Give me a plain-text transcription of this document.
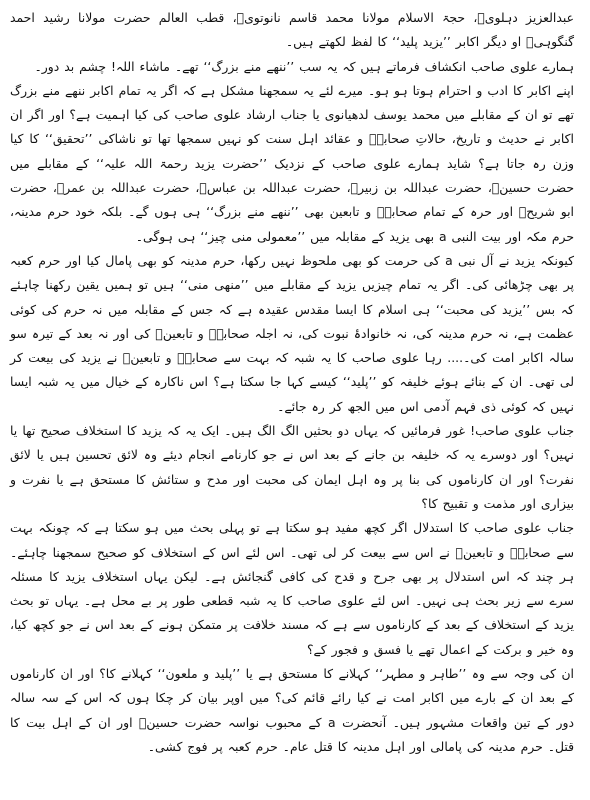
عبدالعزیز دہلویؒ، حجۃ الاسلام مولانا محمد قاسم نانوتویؒ، قطب العالم حضرت مولانا رشید احمد گنگوہیؒ او دیگر اکابر ’’یزید پلید‘‘ کا لفظ لکھتے ہیں۔

ہمارے علوی صاحب انکشاف فرماتے ہیں کہ یہ سب ’’ننھے منے بزرگ‘‘ تھے۔ ماشاء اللہ! چشم بد دور۔

اپنے اکابر کا ادب و احترام ہوتا ہو ہو۔ میرے لئے یہ سمجھنا مشکل ہے کہ اگر یہ تمام اکابر ننھے منے بزرگ تھے تو ان کے مقابلے میں محمد یوسف لدھیانوی یا جناب ارشاد علوی صاحب کی کیا اہمیت ہے؟ اور اگر ان اکابر نے حدیث و تاریخ، حالاتِ صحابہؓ و عقائد اہل سنت کو نہیں سمجھا تھا تو ناشاکی ’’تحقیق‘‘ کا کیا وزن رہ جاتا ہے؟ شاید ہمارے علوی صاحب کے نزدیک ’’حضرت یزید رحمۃ اللہ علیہ‘‘ کے مقابلے میں حضرت حسینؓ، حضرت عبداللہ بن زبیرؓ، حضرت عبداللہ بن عباسؓ، حضرت عبداللہ بن عمرؓ، حضرت ابو شریحؓ اور حرہ کے تمام صحابہؓ و تابعین بھی ’’ننھے منے بزرگ‘‘ ہی ہوں گے۔ بلکہ خود حرم مدینہ، حرم مکہ اور بیت النبی a بھی یزید کے مقابلہ میں ’’معمولی منی چیز‘‘ ہی ہوگی۔

کیونکہ یزید نے آل نبی a کی حرمت کو بھی ملحوظ نہیں رکھا، حرم مدینہ کو بھی پامال کیا اور حرم کعبہ پر بھی چڑھائی کی۔ اگر یہ تمام چیزیں یزید کے مقابلے میں ’’منھی منی‘‘ ہیں تو ہمیں یقین رکھنا چاہئے کہ بس ’’یزید کی محبت‘‘ ہی اسلام کا ایسا مقدس عقیدہ ہے کہ جس کے مقابلہ میں نہ حرم کی کوئی عظمت ہے، نہ حرم مدینہ کی، نہ خانوادۂ نبوت کی، نہ اجلہ صحابہؓ و تابعینؒ کی اور نہ بعد کے تیرہ سو سالہ اکابر امت کی۔.... رہا علوی صاحب کا یہ شبہ کہ بہت سے صحابہؓ و تابعینؒ نے یزید کی بیعت کر لی تھی۔ ان کے بنائے ہوئے خلیفہ کو ’’پلید‘‘ کیسے کہا جا سکتا ہے؟ اس ناکارہ کے خیال میں یہ شبہ ایسا نہیں کہ کوئی ذی فہم آدمی اس میں الجھ کر رہ جائے۔

جناب علوی صاحب! غور فرمائیں کہ یہاں دو بحثیں الگ الگ ہیں۔ ایک یہ کہ یزید کا استخلاف صحیح تھا یا نہیں؟ اور دوسرے یہ کہ خلیفہ بن جانے کے بعد اس نے جو کارنامے انجام دیئے وہ لائق تحسین ہیں یا لائق نفرت؟ اور ان کارناموں کی بنا پر وہ اہل ایمان کی محبت اور مدح و ستائش کا مستحق ہے یا نفرت و بیزاری اور مذمت و تقبیح کا؟

جناب علوی صاحب کا استدلال اگر کچھ مفید ہو سکتا ہے تو پہلی بحث میں ہو سکتا ہے کہ چونکہ بہت سے صحابہؓ و تابعینؒ نے اس سے بیعت کر لی تھی۔ اس لئے اس کے استخلاف کو صحیح سمجھنا چاہئے۔ ہر چند کہ اس استدلال پر بھی جرح و قدح کی کافی گنجائش ہے۔ لیکن یہاں استخلاف یزید کا مسئلہ سرے سے زیر بحث ہی نہیں۔ اس لئے علوی صاحب کا یہ شبہ قطعی طور پر بے محل ہے۔ یہاں تو بحث یزید کے استخلاف کے بعد کے کارناموں سے ہے کہ مسند خلافت پر متمکن ہونے کے بعد اس نے جو کچھ کیا، وہ خیر و برکت کے اعمال تھے یا فسق و فجور کے؟

ان کی وجہ سے وہ ’’طاہر و مطہر‘‘ کہلانے کا مستحق ہے یا ’’پلید و ملعون‘‘ کہلانے کا؟ اور ان کارناموں کے بعد ان کے بارے میں اکابر امت نے کیا رائے قائم کی؟ میں اوپر بیان کر چکا ہوں کہ اس کے سہ سالہ دور کے تین واقعات مشہور ہیں۔ آنحضرت a کے محبوب نواسہ حضرت حسینؓ اور ان کے اہل بیت کا قتل۔ حرم مدینہ کی پامالی اور اہل مدینہ کا قتل عام۔ حرم کعبہ پر فوج کشی۔
